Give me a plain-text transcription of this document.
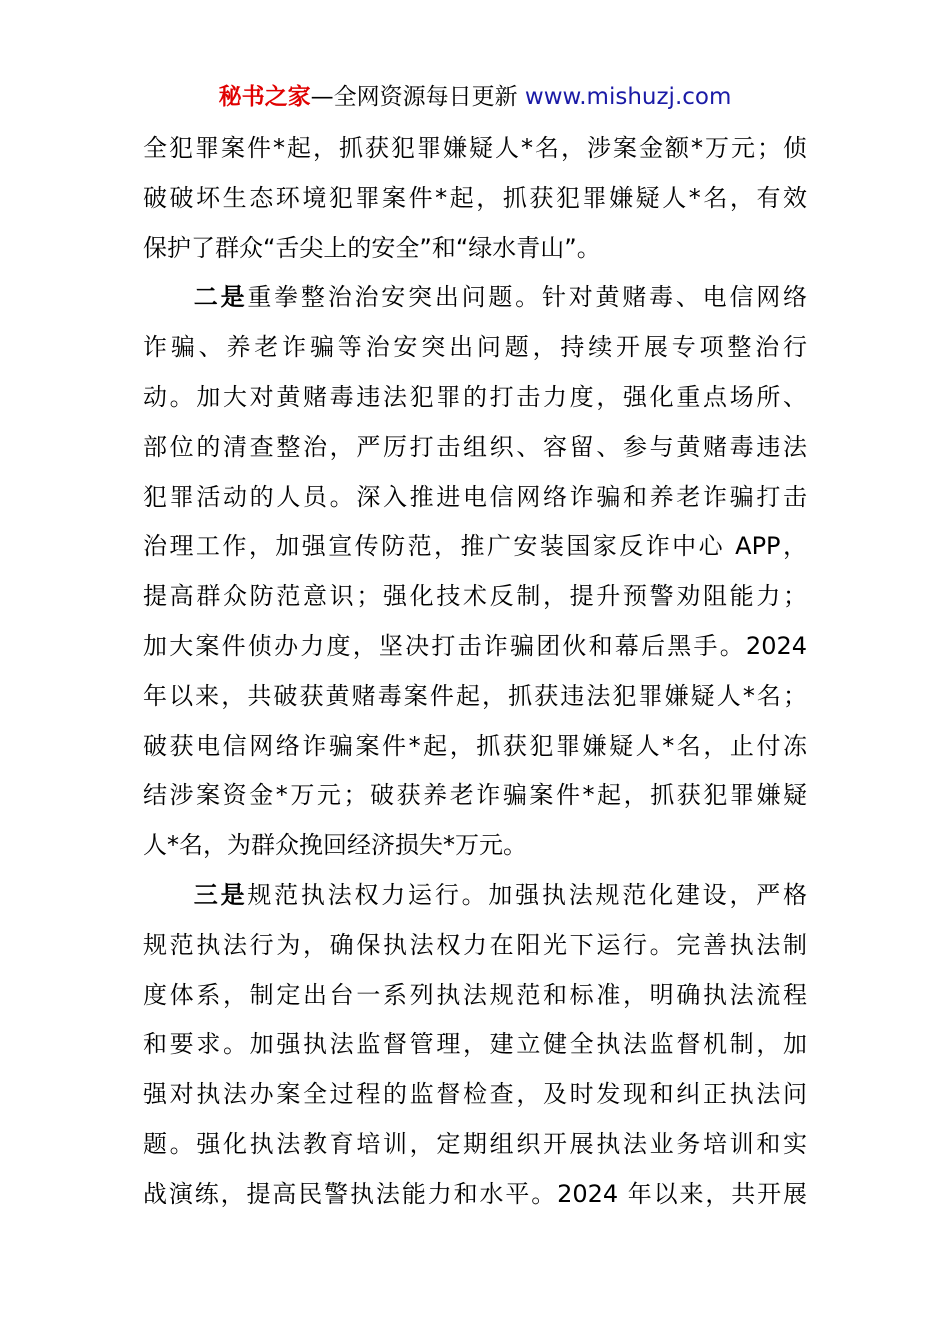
秘书之家—全网资源每日更新 www.mishuzj.com
全犯罪案件*起，抓获犯罪嫌疑人*名，涉案金额*万元；侦
破破坏生态环境犯罪案件*起，抓获犯罪嫌疑人*名，有效
保护了群众“舌尖上的安全”和“绿水青山”。
二是重拳整治治安突出问题。针对黄赌毒、电信网络
诈骗、养老诈骗等治安突出问题，持续开展专项整治行
动。加大对黄赌毒违法犯罪的打击力度，强化重点场所、
部位的清查整治，严厉打击组织、容留、参与黄赌毒违法
犯罪活动的人员。深入推进电信网络诈骗和养老诈骗打击
治理工作，加强宣传防范，推广安装国家反诈中心 APP，
提高群众防范意识；强化技术反制，提升预警劝阻能力；
加大案件侦办力度，坚决打击诈骗团伙和幕后黑手。2024
年以来，共破获黄赌毒案件起，抓获违法犯罪嫌疑人*名；
破获电信网络诈骗案件*起，抓获犯罪嫌疑人*名，止付冻
结涉案资金*万元；破获养老诈骗案件*起，抓获犯罪嫌疑
人*名，为群众挽回经济损失*万元。
三是规范执法权力运行。加强执法规范化建设，严格
规范执法行为，确保执法权力在阳光下运行。完善执法制
度体系，制定出台一系列执法规范和标准，明确执法流程
和要求。加强执法监督管理，建立健全执法监督机制，加
强对执法办案全过程的监督检查，及时发现和纠正执法问
题。强化执法教育培训，定期组织开展执法业务培训和实
战演练，提高民警执法能力和水平。2024 年以来，共开展
